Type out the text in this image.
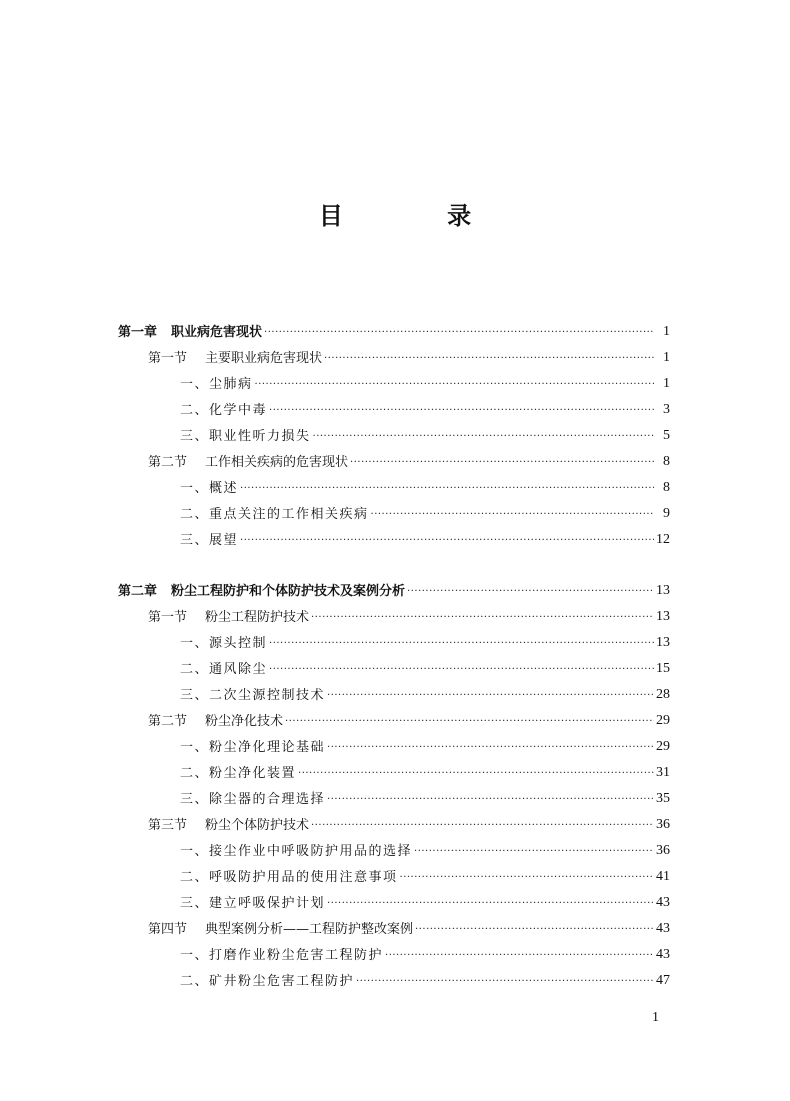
目 录
第一章 职业病危害现状 ·····	1
第一节 主要职业病危害现状 ·····	1
一、尘肺病 ·····	1
二、化学中毒 ·····	3
三、职业性听力损失 ·····	5
第二节 工作相关疾病的危害现状 ·····	8
一、概述 ·····	8
二、重点关注的工作相关疾病 ·····	9
三、展望 ·····	12
第二章 粉尘工程防护和个体防护技术及案例分析 ·····	13
第一节 粉尘工程防护技术 ·····	13
一、源头控制 ·····	13
二、通风除尘 ·····	15
三、二次尘源控制技术 ·····	28
第二节 粉尘净化技术 ·····	29
一、粉尘净化理论基础 ·····	29
二、粉尘净化装置 ·····	31
三、除尘器的合理选择 ·····	35
第三节 粉尘个体防护技术 ·····	36
一、接尘作业中呼吸防护用品的选择 ·····	36
二、呼吸防护用品的使用注意事项 ·····	41
三、建立呼吸保护计划 ·····	43
第四节 典型案例分析——工程防护整改案例 ·····	43
一、打磨作业粉尘危害工程防护 ·····	43
二、矿井粉尘危害工程防护 ·····	47
1
